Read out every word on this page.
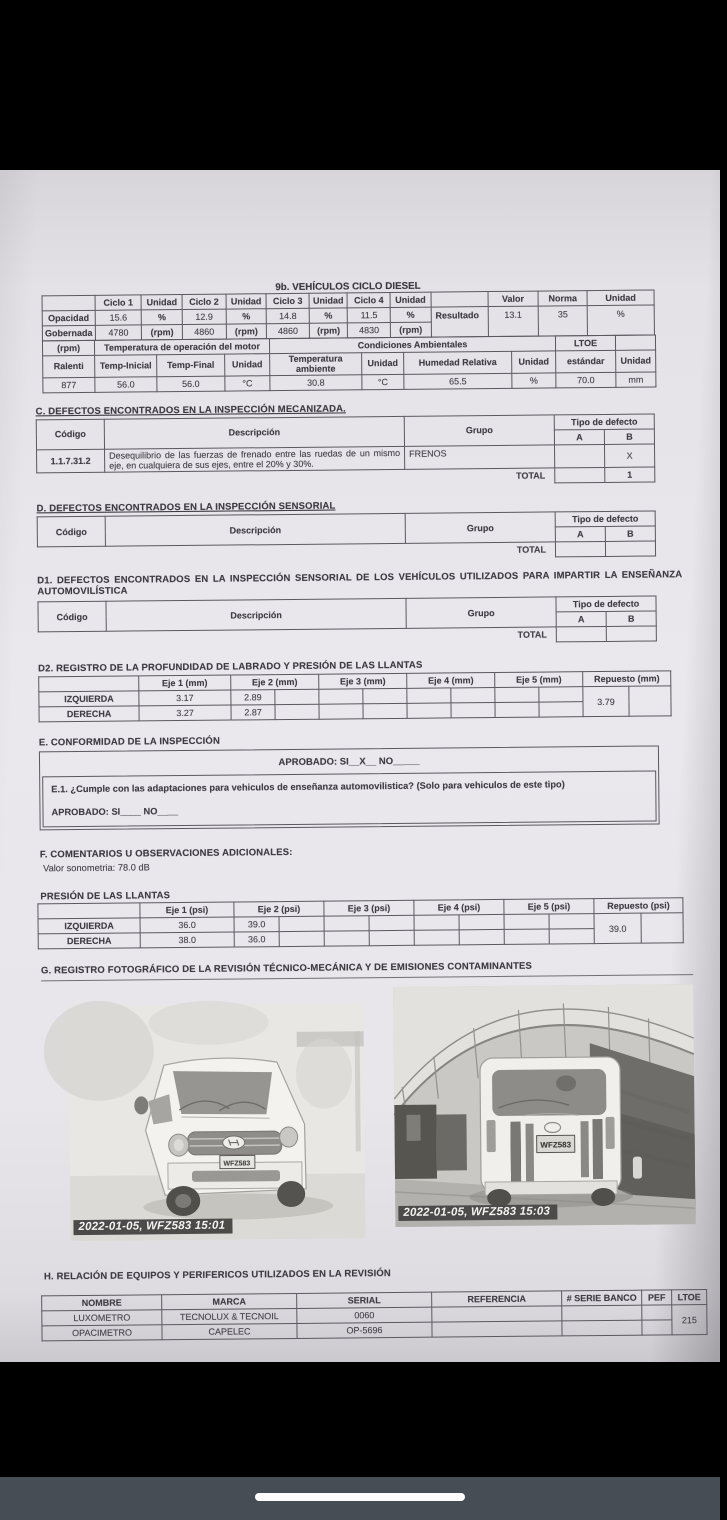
9b. VEHÍCULOS CICLO DIESEL
	Ciclo 1	Unidad	Ciclo 2	Unidad	Ciclo 3	Unidad	Ciclo 4	Unidad		Valor	Norma	Unidad
Opacidad	15.6	%	12.9	%	14.8	%	11.5	%	Resultado	13.1	35	%
Gobernada	4780	(rpm)	4860	(rpm)	4860	(rpm)	4830	(rpm)				
(rpm)	Temperatura de operación del motor			Condiciones Ambientales				LTOE	
Ralenti	Temp-Inicial	Temp-Final	Unidad	Temperatura ambiente	Unidad	Humedad Relativa	Unidad	estándar	Unidad
877	56.0	56.0	°C	30.8	°C	65.5	%	70.0	mm
C. DEFECTOS ENCONTRADOS EN LA INSPECCIÓN MECANIZADA.
Código	Descripción	Grupo	Tipo de defecto	
			A	B
1.1.7.31.2	Desequilibrio de las fuerzas de frenado entre las ruedas de un mismo eje, en cualquiera de sus ejes, entre el 20% y 30%.	FRENOS		X
TOTAL				1
D. DEFECTOS ENCONTRADOS EN LA INSPECCIÓN SENSORIAL
Código	Descripción	Grupo	Tipo de defecto	
			A	B
TOTAL				
D1. DEFECTOS ENCONTRADOS EN LA INSPECCIÓN SENSORIAL DE LOS VEHÍCULOS UTILIZADOS PARA IMPARTIR LA ENSEÑANZA AUTOMOVILÍSTICA
Código	Descripción	Grupo	Tipo de defecto	
			A	B
TOTAL				
D2. REGISTRO DE LA PROFUNDIDAD DE LABRADO Y PRESIÓN DE LAS LLANTAS
	Eje 1 (mm)	Eje 2 (mm)		Eje 3 (mm)		Eje 4 (mm)		Eje 5 (mm)		Repuesto (mm)	
IZQUIERDA	3.17	2.89								3.79	
DERECHA	3.27	2.87									
E. CONFORMIDAD DE LA INSPECCIÓN
APROBADO: SI__X__ NO_____

E.1. ¿Cumple con las adaptaciones para vehiculos de enseñanza automovilistica? (Solo para vehiculos de este tipo)

APROBADO: SI____ NO____

F. COMENTARIOS U OBSERVACIONES ADICIONALES:
Valor sonometria: 78.0 dB
PRESIÓN DE LAS LLANTAS
	Eje 1 (psi)	Eje 2 (psi)		Eje 3 (psi)		Eje 4 (psi)		Eje 5 (psi)		Repuesto (psi)	
IZQUIERDA	36.0	39.0								39.0	
DERECHA	38.0	36.0									
G. REGISTRO FOTOGRÁFICO DE LA REVISIÓN TÉCNICO-MECÁNICA Y DE EMISIONES CONTAMINANTES
WFZ583
2022-01-05, WFZ583 15:01
WFZ583
2022-01-05, WFZ583 15:03
H. RELACIÓN DE EQUIPOS Y PERIFERICOS UTILIZADOS EN LA REVISIÓN
NOMBRE	MARCA	SERIAL	REFERENCIA	# SERIE BANCO	PEF	LTOE
LUXOMETRO	TECNOLUX & TECNOIL	0060				215
OPACIMETRO	CAPELEC	OP-5696				
